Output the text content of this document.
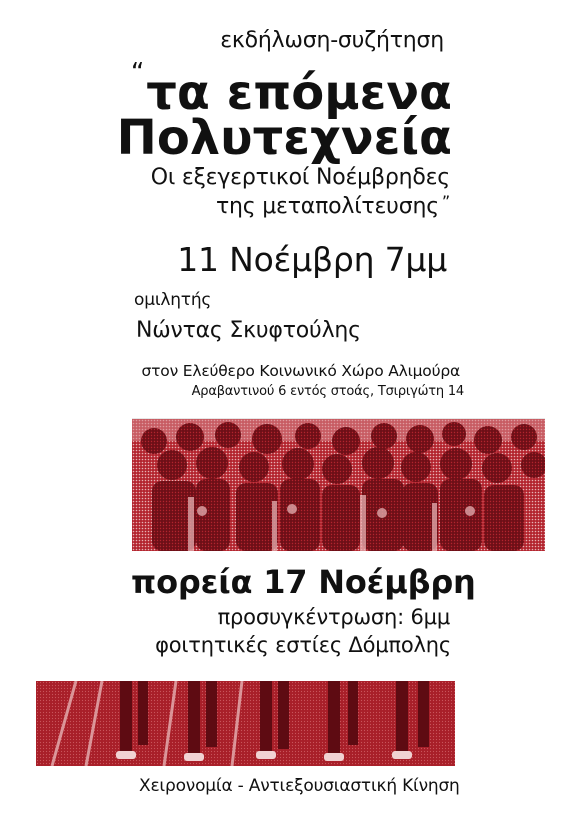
εκδήλωση-συζήτηση
“τα επόμενα
Πολυτεχνεία
Οι εξεγερτικοί Νοέμβρηδες
της μεταπολίτευσης ”
11 Νοέμβρη 7μμ
ομιλητής
Νώντας Σκυφτούλης
στον Ελεύθερο Κοινωνικό Χώρο Αλιμούρα
Αραβαντινού 6 εντός στοάς, Τσιριγώτη 14
πορεία 17 Νοέμβρη
προσυγκέντρωση: 6μμ
φοιτητικές εστίες Δόμπολης
Χειρονομία - Αντιεξουσιαστική Κίνηση
